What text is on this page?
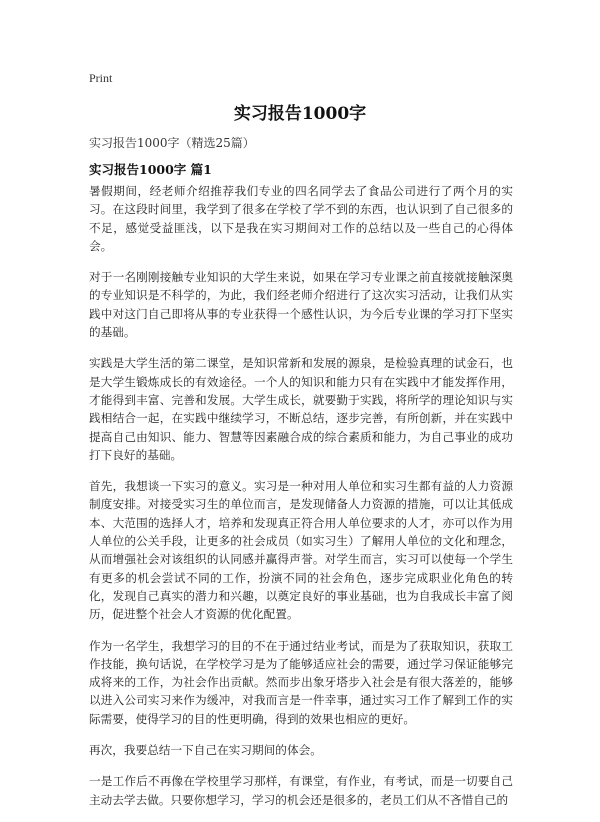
Print
实习报告1000字
实习报告1000字（精选25篇）
实习报告1000字 篇1

暑假期间，经老师介绍推荐我们专业的四名同学去了食品公司进行了两个月的实习。在这段时间里，我学到了很多在学校了学不到的东西，也认识到了自己很多的不足，感觉受益匪浅，以下是我在实习期间对工作的总结以及一些自己的心得体会。

对于一名刚刚接触专业知识的大学生来说，如果在学习专业课之前直接就接触深奥的专业知识是不科学的，为此，我们经老师介绍进行了这次实习活动，让我们从实践中对这门自己即将从事的专业获得一个感性认识，为今后专业课的学习打下坚实的基础。

实践是大学生活的第二课堂，是知识常新和发展的源泉，是检验真理的试金石，也是大学生锻炼成长的有效途径。一个人的知识和能力只有在实践中才能发挥作用，才能得到丰富、完善和发展。大学生成长，就要勤于实践，将所学的理论知识与实践相结合一起，在实践中继续学习，不断总结，逐步完善，有所创新，并在实践中提高自己由知识、能力、智慧等因素融合成的综合素质和能力，为自己事业的成功打下良好的基础。

首先，我想谈一下实习的意义。实习是一种对用人单位和实习生都有益的人力资源制度安排。对接受实习生的单位而言，是发现储备人力资源的措施，可以让其低成本、大范围的选择人才，培养和发现真正符合用人单位要求的人才，亦可以作为用人单位的公关手段，让更多的社会成员（如实习生）了解用人单位的文化和理念，从而增强社会对该组织的认同感并赢得声誉。对学生而言，实习可以使每一个学生有更多的机会尝试不同的工作，扮演不同的社会角色，逐步完成职业化角色的转化，发现自己真实的潜力和兴趣，以奠定良好的事业基础，也为自我成长丰富了阅历，促进整个社会人才资源的优化配置。

作为一名学生，我想学习的目的不在于通过结业考试，而是为了获取知识，获取工作技能，换句话说，在学校学习是为了能够适应社会的需要，通过学习保证能够完成将来的工作，为社会作出贡献。然而步出象牙塔步入社会是有很大落差的，能够以进入公司实习来作为缓冲，对我而言是一件幸事，通过实习工作了解到工作的实际需要，使得学习的目的性更明确，得到的效果也相应的更好。

再次，我要总结一下自己在实习期间的体会。

一是工作后不再像在学校里学习那样，有课堂，有作业，有考试，而是一切要自己主动去学去做。只要你想学习，学习的机会还是很多的，老员工们从不吝惜自己的
